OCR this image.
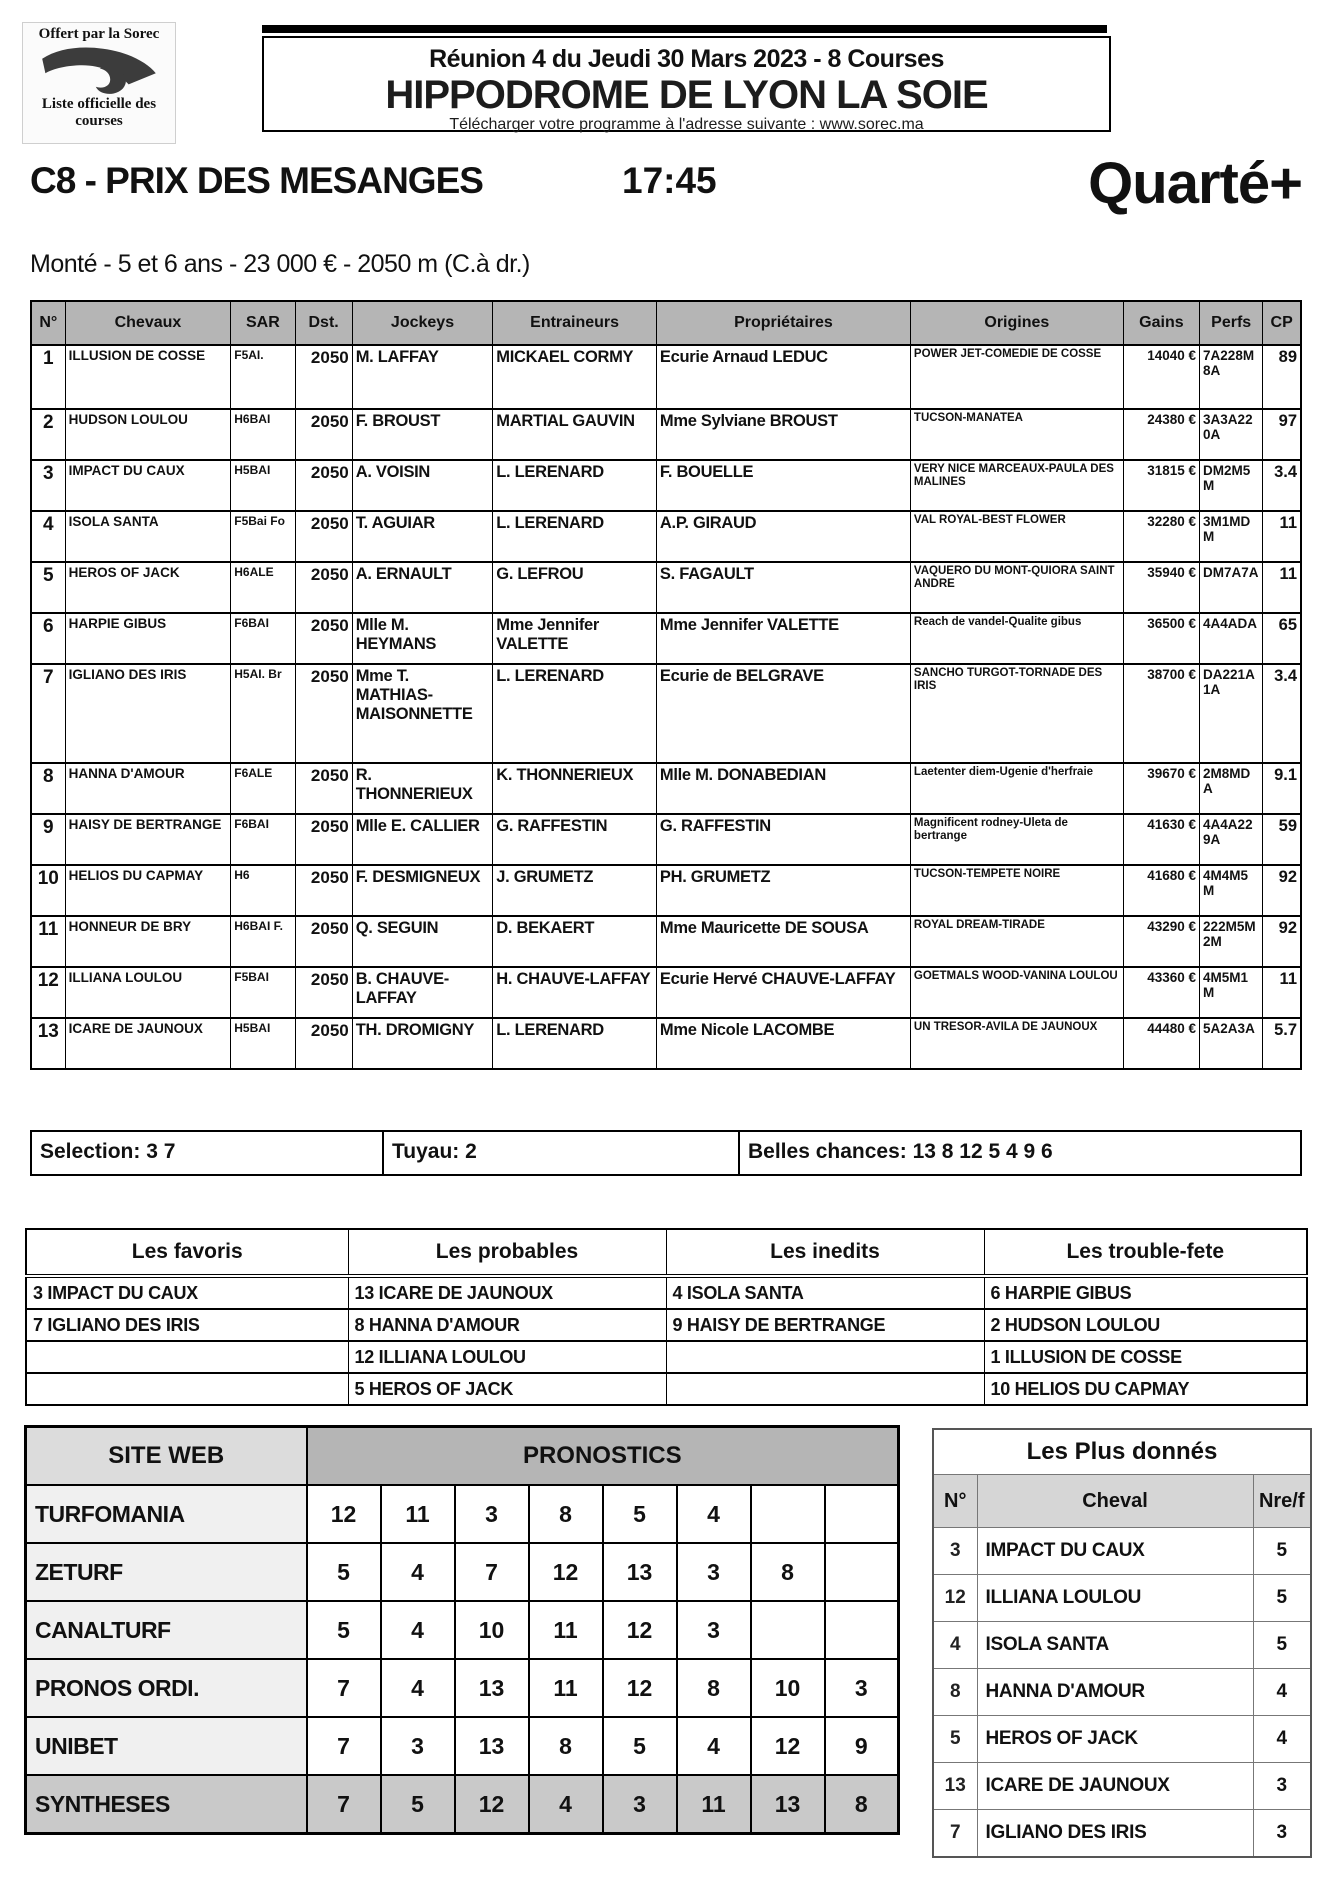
Offert par la Sorec
Liste officielle des courses
Réunion 4 du Jeudi 30 Mars 2023 - 8 Courses
HIPPODROME DE LYON LA SOIE
Télécharger votre programme à l'adresse suivante : www.sorec.ma
C8 - PRIX DES MESANGES	17:45	Quarté+
Monté - 5 et 6 ans - 23 000 € - 2050 m (C.à dr.)
N°	Chevaux	SAR	Dst.	Jockeys	Entraineurs	Propriétaires	Origines	Gains	Perfs	CP
1	ILLUSION DE COSSE	F5AI.	2050	M. LAFFAY	MICKAEL CORMY	Ecurie Arnaud LEDUC	POWER JET-COMEDIE DE COSSE	14040 €	7A228M 8A	89
2	HUDSON LOULOU	H6BAI	2050	F. BROUST	MARTIAL GAUVIN	Mme Sylviane BROUST	TUCSON-MANATEA	24380 €	3A3A22 0A	97
3	IMPACT DU CAUX	H5BAI	2050	A. VOISIN	L. LERENARD	F. BOUELLE	VERY NICE MARCEAUX-PAULA DES MALINES	31815 €	DM2M5 M	3.4
4	ISOLA SANTA	F5Bai Fo	2050	T. AGUIAR	L. LERENARD	A.P. GIRAUD	VAL ROYAL-BEST FLOWER	32280 €	3M1MD M	11
5	HEROS OF JACK	H6ALE	2050	A. ERNAULT	G. LEFROU	S. FAGAULT	VAQUERO DU MONT-QUIORA SAINT ANDRE	35940 €	DM7A7A	11
6	HARPIE GIBUS	F6BAI	2050	Mlle M. HEYMANS	Mme Jennifer VALETTE	Mme Jennifer VALETTE	Reach de vandel-Qualite gibus	36500 €	4A4ADA	65
7	IGLIANO DES IRIS	H5AI. Br	2050	Mme T. MATHIAS-MAISONNETTE	L. LERENARD	Ecurie de BELGRAVE	SANCHO TURGOT-TORNADE DES IRIS	38700 €	DA221A 1A	3.4
8	HANNA D'AMOUR	F6ALE	2050	R. THONNERIEUX	K. THONNERIEUX	Mlle M. DONABEDIAN	Laetenter diem-Ugenie d'herfraie	39670 €	2M8MD A	9.1
9	HAISY DE BERTRANGE	F6BAI	2050	Mlle E. CALLIER	G. RAFFESTIN	G. RAFFESTIN	Magnificent rodney-Uleta de bertrange	41630 €	4A4A22 9A	59
10	HELIOS DU CAPMAY	H6	2050	F. DESMIGNEUX	J. GRUMETZ	PH. GRUMETZ	TUCSON-TEMPETE NOIRE	41680 €	4M4M5 M	92
11	HONNEUR DE BRY	H6BAI F.	2050	Q. SEGUIN	D. BEKAERT	Mme Mauricette DE SOUSA	ROYAL DREAM-TIRADE	43290 €	222M5M 2M	92
12	ILLIANA LOULOU	F5BAI	2050	B. CHAUVE-LAFFAY	H. CHAUVE-LAFFAY	Ecurie Hervé CHAUVE-LAFFAY	GOETMALS WOOD-VANINA LOULOU	43360 €	4M5M1 M	11
13	ICARE DE JAUNOUX	H5BAI	2050	TH. DROMIGNY	L. LERENARD	Mme Nicole LACOMBE	UN TRESOR-AVILA DE JAUNOUX	44480 €	5A2A3A	5.7
Selection: 3 7	Tuyau: 2	Belles chances: 13 8 12 5 4 9 6
Les favoris	Les probables	Les inedits	Les trouble-fete
3 IMPACT DU CAUX	13 ICARE DE JAUNOUX	4 ISOLA SANTA	6 HARPIE GIBUS
7 IGLIANO DES IRIS	8 HANNA D'AMOUR	9 HAISY DE BERTRANGE	2 HUDSON LOULOU
	12 ILLIANA LOULOU		1 ILLUSION DE COSSE
	5 HEROS OF JACK		10 HELIOS DU CAPMAY
SITE WEB	PRONOSTICS							
TURFOMANIA	12	11	3	8	5	4		
ZETURF	5	4	7	12	13	3	8	
CANALTURF	5	4	10	11	12	3		
PRONOS ORDI.	7	4	13	11	12	8	10	3
UNIBET	7	3	13	8	5	4	12	9
SYNTHESES	7	5	12	4	3	11	13	8
Les Plus donnés		
N°	Cheval	Nre/f
3	IMPACT DU CAUX	5
12	ILLIANA LOULOU	5
4	ISOLA SANTA	5
8	HANNA D'AMOUR	4
5	HEROS OF JACK	4
13	ICARE DE JAUNOUX	3
7	IGLIANO DES IRIS	3
